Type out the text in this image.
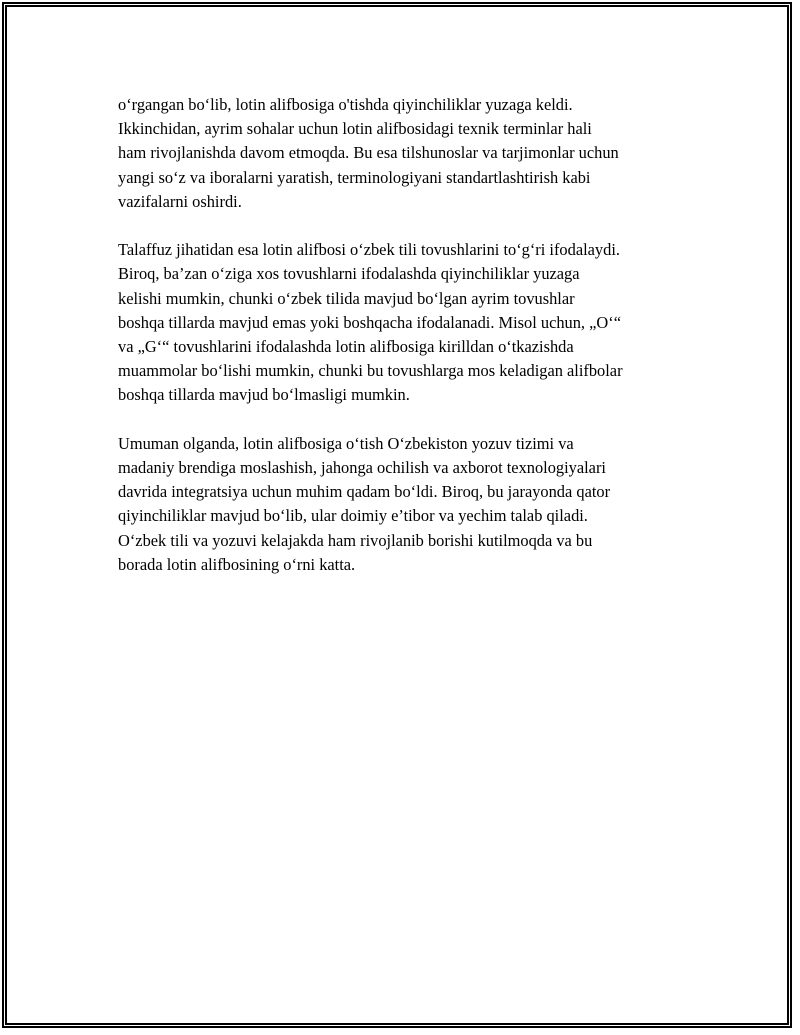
o‘rgangan bo‘lib, lotin alifbosiga o'tishda qiyinchiliklar yuzaga keldi.
Ikkinchidan, ayrim sohalar uchun lotin alifbosidagi texnik terminlar hali
ham rivojlanishda davom etmoqda. Bu esa tilshunoslar va tarjimonlar uchun
yangi so‘z va iboralarni yaratish, terminologiyani standartlashtirish kabi
vazifalarni oshirdi.

Talaffuz jihatidan esa lotin alifbosi o‘zbek tili tovushlarini to‘g‘ri ifodalaydi.
Biroq, ba’zan o‘ziga xos tovushlarni ifodalashda qiyinchiliklar yuzaga
kelishi mumkin, chunki o‘zbek tilida mavjud bo‘lgan ayrim tovushlar
boshqa tillarda mavjud emas yoki boshqacha ifodalanadi. Misol uchun, „O‘“
va „G‘“ tovushlarini ifodalashda lotin alifbosiga kirilldan o‘tkazishda
muammolar bo‘lishi mumkin, chunki bu tovushlarga mos keladigan alifbolar
boshqa tillarda mavjud bo‘lmasligi mumkin.

Umuman olganda, lotin alifbosiga o‘tish O‘zbekiston yozuv tizimi va
madaniy brendiga moslashish, jahonga ochilish va axborot texnologiyalari
davrida integratsiya uchun muhim qadam bo‘ldi. Biroq, bu jarayonda qator
qiyinchiliklar mavjud bo‘lib, ular doimiy e’tibor va yechim talab qiladi.
O‘zbek tili va yozuvi kelajakda ham rivojlanib borishi kutilmoqda va bu
borada lotin alifbosining o‘rni katta.
